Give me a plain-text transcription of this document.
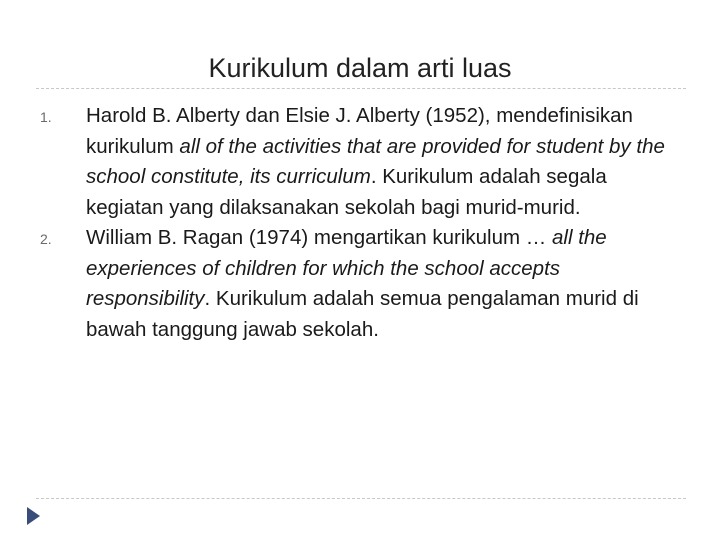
Kurikulum dalam arti luas
1. Harold B. Alberty dan Elsie J. Alberty (1952), mendefinisikan kurikulum all of the activities that are provided for student by the school constitute, its curriculum. Kurikulum adalah segala kegiatan yang dilaksanakan sekolah bagi murid-murid.
2. William B. Ragan (1974) mengartikan kurikulum … all the experiences of children for which the school accepts responsibility. Kurikulum adalah semua pengalaman murid di bawah tanggung jawab sekolah.
